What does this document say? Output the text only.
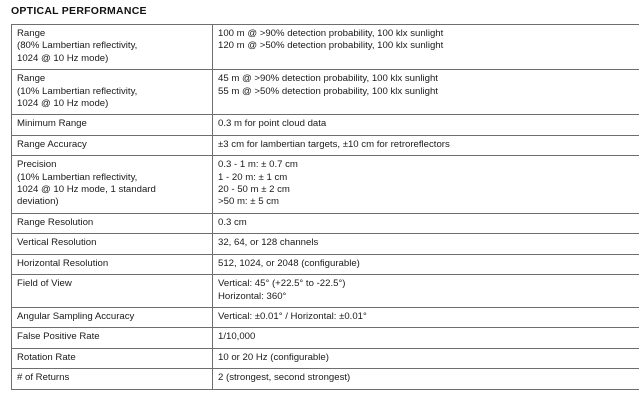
OPTICAL PERFORMANCE
Range
(80% Lambertian reflectivity,
1024 @ 10 Hz mode)	100 m @ >90% detection probability, 100 klx sunlight
120 m @ >50% detection probability, 100 klx sunlight

Range
(10% Lambertian reflectivity,
1024 @ 10 Hz mode)	45 m @ >90% detection probability, 100 klx sunlight
55 m @ >50% detection probability, 100 klx sunlight

Minimum Range	0.3 m for point cloud data

Range Accuracy	±3 cm for lambertian targets, ±10 cm for retroreflectors

Precision
(10% Lambertian reflectivity,
1024 @ 10 Hz mode, 1 standard
deviation)	0.3 - 1 m: ± 0.7 cm
1 - 20 m: ± 1 cm
20 - 50 m ± 2 cm
>50 m: ± 5 cm

Range Resolution	0.3 cm

Vertical Resolution	32, 64, or 128 channels

Horizontal Resolution	512, 1024, or 2048 (configurable)

Field of View	Vertical: 45° (+22.5° to -22.5°)
Horizontal: 360°

Angular Sampling Accuracy	Vertical: ±0.01° / Horizontal: ±0.01°

False Positive Rate	1/10,000

Rotation Rate	10 or 20 Hz (configurable)

# of Returns	2 (strongest, second strongest)
